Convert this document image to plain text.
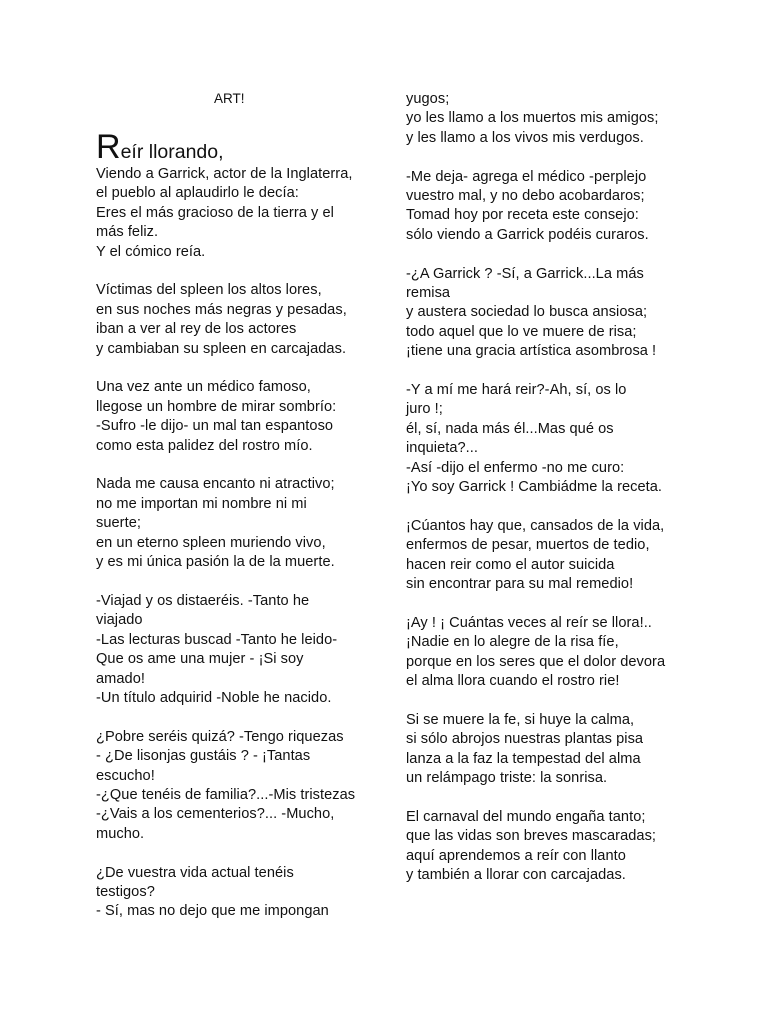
ART!
Reír llorando,
Viendo a Garrick, actor de la Inglaterra,
el pueblo al aplaudirlo le decía:
Eres el más gracioso de la tierra y el
más feliz.
Y el cómico reía.
Víctimas del spleen los altos lores,
en sus noches más negras y pesadas,
iban a ver al rey de los actores
y cambiaban su spleen en carcajadas.
Una vez ante un médico famoso,
llegose un hombre de mirar sombrío:
-Sufro -le dijo- un mal tan espantoso
como esta palidez del rostro mío.
Nada me causa encanto ni atractivo;
no me importan mi nombre ni mi
suerte;
en un eterno spleen muriendo vivo,
y es mi única pasión la de la muerte.
-Viajad y os distaeréis. -Tanto he
viajado
-Las lecturas buscad -Tanto he leido-
Que os ame una mujer - ¡Si soy
amado!
-Un título adquirid -Noble he nacido.
¿Pobre seréis quizá? -Tengo riquezas
- ¿De lisonjas gustáis ? - ¡Tantas
escucho!
-¿Que tenéis de familia?...-Mis tristezas
-¿Vais a los cementerios?... -Mucho,
mucho.
¿De vuestra vida actual tenéis
testigos?
- Sí, mas no dejo que me impongan
yugos;
yo les llamo a los muertos mis amigos;
y les llamo a los vivos mis verdugos.
-Me deja- agrega el médico -perplejo
vuestro mal, y no debo acobardaros;
Tomad hoy por receta este consejo:
sólo viendo a Garrick podéis curaros.
-¿A Garrick ? -Sí, a Garrick...La más
remisa
y austera sociedad lo busca ansiosa;
todo aquel que lo ve muere de risa;
¡tiene una gracia artística asombrosa !
-Y a mí me hará reir?-Ah, sí, os lo
juro !;
él, sí, nada más él...Mas qué os
inquieta?...
-Así -dijo el enfermo -no me curo:
¡Yo soy Garrick ! Cambiádme la receta.
¡Cúantos hay que, cansados de la vida,
enfermos de pesar, muertos de tedio,
hacen reir como el autor suicida
sin encontrar para su mal remedio!
¡Ay ! ¡ Cuántas veces al reír se llora!..
¡Nadie en lo alegre de la risa fíe,
porque en los seres que el dolor devora
el alma llora cuando el rostro rie!
Si se muere la fe, si huye la calma,
si sólo abrojos nuestras plantas pisa
lanza a la faz la tempestad del alma
un relámpago triste: la sonrisa.
El carnaval del mundo engaña tanto;
que las vidas son breves mascaradas;
aquí aprendemos a reír con llanto
y también a llorar con carcajadas.
